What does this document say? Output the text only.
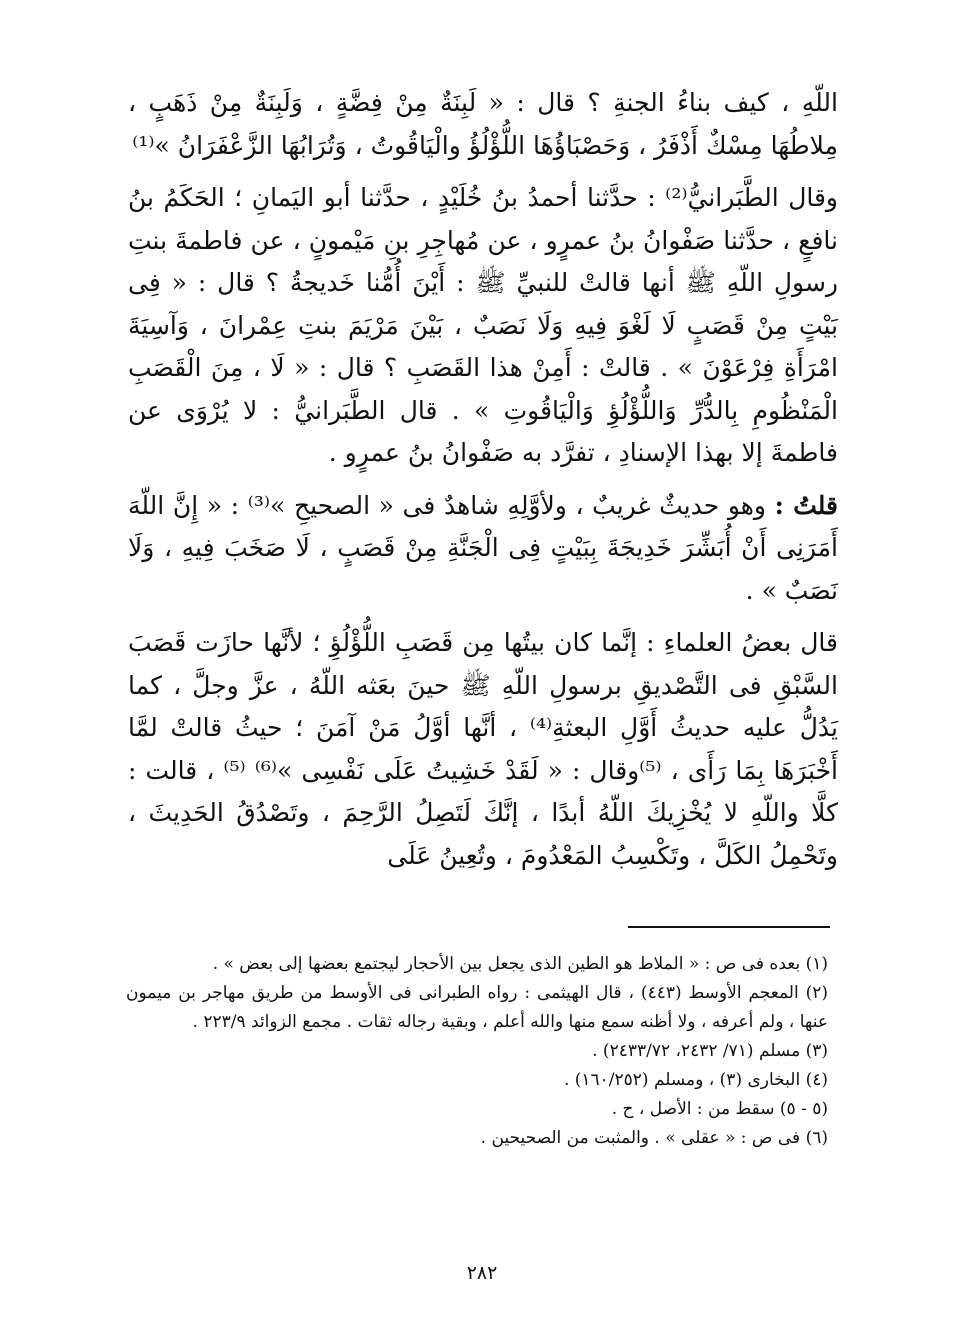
اللّهِ ، كيف بناءُ الجنةِ ؟ قال : « لَبِنَةٌ مِنْ فِضَّةٍ ، وَلَبِنَةٌ مِنْ ذَهَبٍ ، مِلاطُهَا مِسْكٌ أَذْفَرُ ، وَحَصْبَاؤُهَا اللُّؤْلُؤُ والْيَاقُوتُ ، وَتُرَابُهَا الزَّعْفَرَانُ »⁽¹⁾

وقال الطَّبَرانيُّ⁽²⁾ : حدَّثنا أحمدُ بنُ خُلَيْدٍ ، حدَّثنا أبو اليَمانِ ؛ الحَكَمُ بنُ نافعٍ ، حدَّثنا صَفْوانُ بنُ عمرٍو ، عن مُهاجِرِ بنِ مَيْمونٍ ، عن فاطمةَ بنتِ رسولِ اللّهِ ﷺ أنها قالتْ للنبيِّ ﷺ : أَيْنَ أُمُّنا خَديجةُ ؟ قال : « فِى بَيْتٍ مِنْ قَصَبٍ لَا لَغْوَ فِيهِ وَلَا نَصَبٌ ، بَيْنَ مَرْيَمَ بنتِ عِمْرانَ ، وَآسِيَةَ امْرَأَةِ فِرْعَوْنَ » . قالتْ : أَمِنْ هذا القَصَبِ ؟ قال : « لَا ، مِنَ الْقَصَبِ الْمَنْظُومِ بِالدُّرِّ وَاللُّؤْلُؤِ وَالْيَاقُوتِ » . قال الطَّبَرانيُّ : لا يُرْوَى عن فاطمةَ إلا بهذا الإسنادِ ، تفرَّد به صَفْوانُ بنُ عمرٍو .

قلتُ : وهو حديثٌ غريبٌ ، ولأوَّلِهِ شاهدٌ فى « الصحيحِ »⁽³⁾ : « إِنَّ اللّهَ أَمَرَنِى أَنْ أُبَشِّرَ خَدِيجَةَ بِبَيْتٍ فِى الْجَنَّةِ مِنْ قَصَبٍ ، لَا صَخَبَ فِيهِ ، وَلَا نَصَبٌ » .

قال بعضُ العلماءِ : إنَّما كان بيتُها مِن قَصَبِ اللُّؤْلُؤِ ؛ لأنَّها حازَت قَصَبَ السَّبْقِ فى التَّصْديقِ برسولِ اللّهِ ﷺ حينَ بعَثه اللّهُ ، عزَّ وجلَّ ، كما يَدُلُّ عليه حديثُ أَوَّلِ البعثةِ⁽⁴⁾ ، أنَّها أوَّلُ مَنْ آمَنَ ؛ حيثُ قالتْ لمَّا أَخْبَرَهَا بِمَا رَأَى ، ⁽⁵⁾وقال : « لَقَدْ خَشِيتُ عَلَى نَفْسِى »⁽⁶⁾ ⁽⁵⁾ ، قالت : كلَّا واللّهِ لا يُخْزِيكَ اللّهُ أبدًا ، إنَّكَ لَتَصِلُ الرَّحِمَ ، وتَصْدُقُ الحَدِيثَ ، وتَحْمِلُ الكَلَّ ، وتَكْسِبُ المَعْدُومَ ، وتُعِينُ عَلَى

(١) بعده فى ص : « الملاط هو الطين الذى يجعل بين الأحجار ليجتمع بعضها إلى بعض » .

(٢) المعجم الأوسط (٤٤٣) ، قال الهيثمى : رواه الطبرانى فى الأوسط من طريق مهاجر بن ميمون عنها ، ولم أعرفه ، ولا أظنه سمع منها والله أعلم ، وبقية رجاله ثقات . مجمع الزوائد ٢٢٣/٩ .

(٣) مسلم (٧١/ ٢٤٣٢، ٢٤٣٣/٧٢) .

(٤) البخارى (٣) ، ومسلم (١٦٠/٢٥٢) .

(٥ - ٥) سقط من : الأصل ، ح .

(٦) فى ص : « عقلى » . والمثبت من الصحيحين .

٢٨٢
